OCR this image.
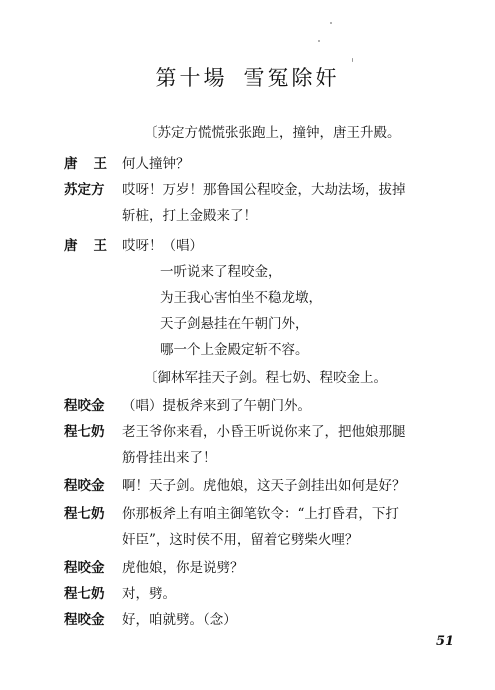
第十場 雪冤除奸
〔苏定方慌慌张张跑上，撞钟，唐王升殿。
唐王 何人撞钟？
苏定方 哎呀！万岁！那鲁国公程咬金，大劫法场，拔掉
斩桩，打上金殿来了！
唐王 哎呀！（唱）
一听说来了程咬金，
为王我心害怕坐不稳龙墩，
天子剑悬挂在午朝门外，
哪一个上金殿定斩不容。
〔御林军挂天子剑。程七奶、程咬金上。
程咬金 （唱）提板斧来到了午朝门外。
程七奶 老王爷你来看，小昏王听说你来了，把他娘那腿
筋骨挂出来了！
程咬金 啊！天子剑。虎他娘，这天子剑挂出如何是好？
程七奶 你那板斧上有咱主御笔钦令：“上打昏君，下打
奸臣”，这时侯不用，留着它劈柴火哩？
程咬金 虎他娘，你是说劈？
程七奶 对，劈。
程咬金 好，咱就劈。（念）
51
